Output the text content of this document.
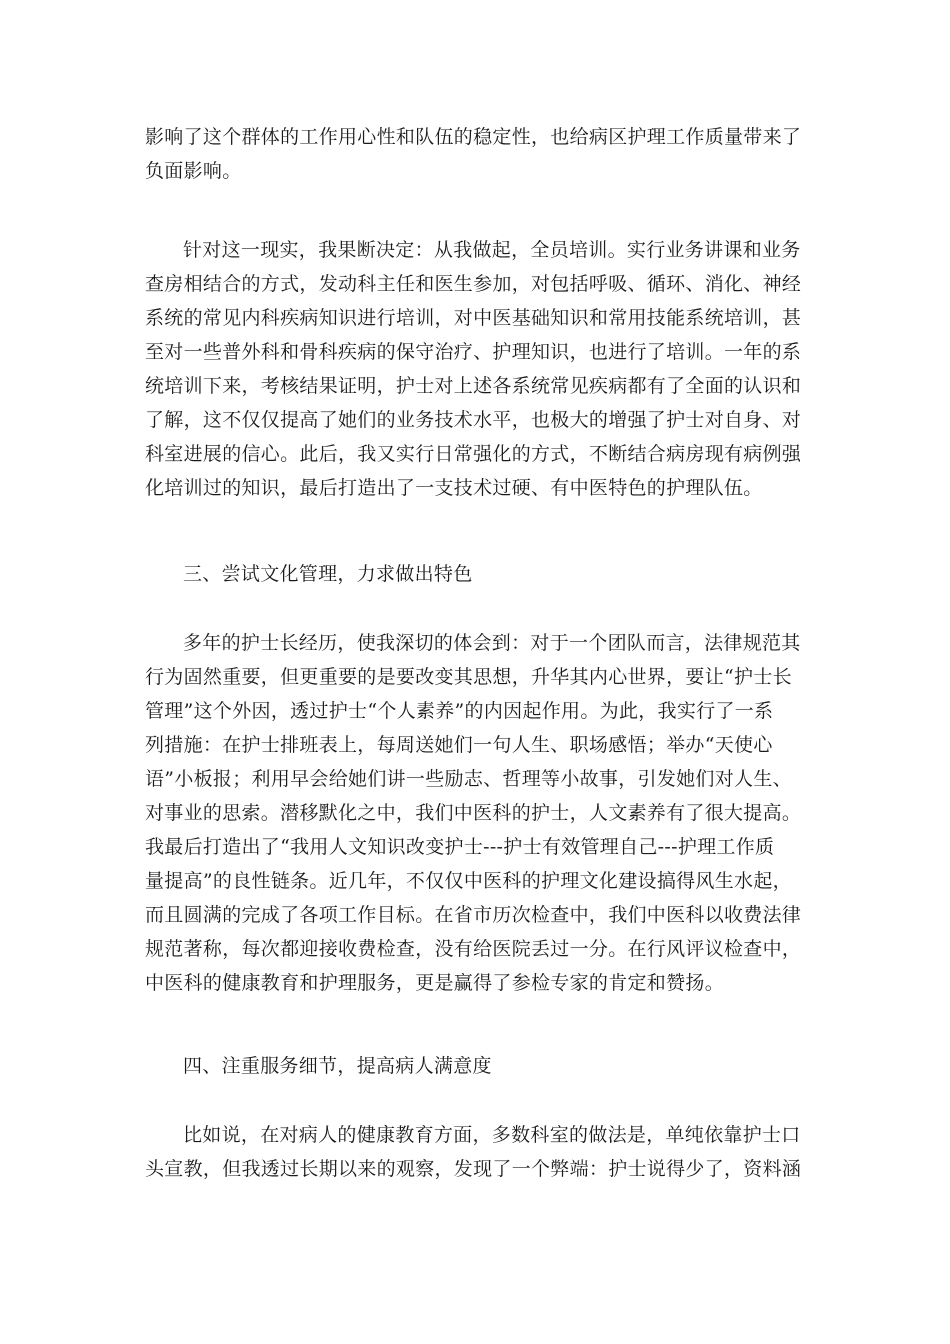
影响了这个群体的工作用心性和队伍的稳定性，也给病区护理工作质量带来了
负面影响。
针对这一现实，我果断决定：从我做起，全员培训。实行业务讲课和业务
查房相结合的方式，发动科主任和医生参加，对包括呼吸、循环、消化、神经
系统的常见内科疾病知识进行培训，对中医基础知识和常用技能系统培训，甚
至对一些普外科和骨科疾病的保守治疗、护理知识，也进行了培训。一年的系
统培训下来，考核结果证明，护士对上述各系统常见疾病都有了全面的认识和
了解，这不仅仅提高了她们的业务技术水平，也极大的增强了护士对自身、对
科室进展的信心。此后，我又实行日常强化的方式，不断结合病房现有病例强
化培训过的知识，最后打造出了一支技术过硬、有中医特色的护理队伍。
三、尝试文化管理，力求做出特色
多年的护士长经历，使我深切的体会到：对于一个团队而言，法律规范其
行为固然重要，但更重要的是要改变其思想，升华其内心世界，要让“护士长
管理”这个外因，透过护士“个人素养”的内因起作用。为此，我实行了一系
列措施：在护士排班表上，每周送她们一句人生、职场感悟；举办“天使心
语”小板报；利用早会给她们讲一些励志、哲理等小故事，引发她们对人生、
对事业的思索。潜移默化之中，我们中医科的护士，人文素养有了很大提高。
我最后打造出了“我用人文知识改变护士---护士有效管理自己---护理工作质
量提高”的良性链条。近几年，不仅仅中医科的护理文化建设搞得风生水起，
而且圆满的完成了各项工作目标。在省市历次检查中，我们中医科以收费法律
规范著称，每次都迎接收费检查，没有给医院丢过一分。在行风评议检查中，
中医科的健康教育和护理服务，更是赢得了参检专家的肯定和赞扬。
四、注重服务细节，提高病人满意度
比如说，在对病人的健康教育方面，多数科室的做法是，单纯依靠护士口
头宣教，但我透过长期以来的观察，发现了一个弊端：护士说得少了，资料涵
